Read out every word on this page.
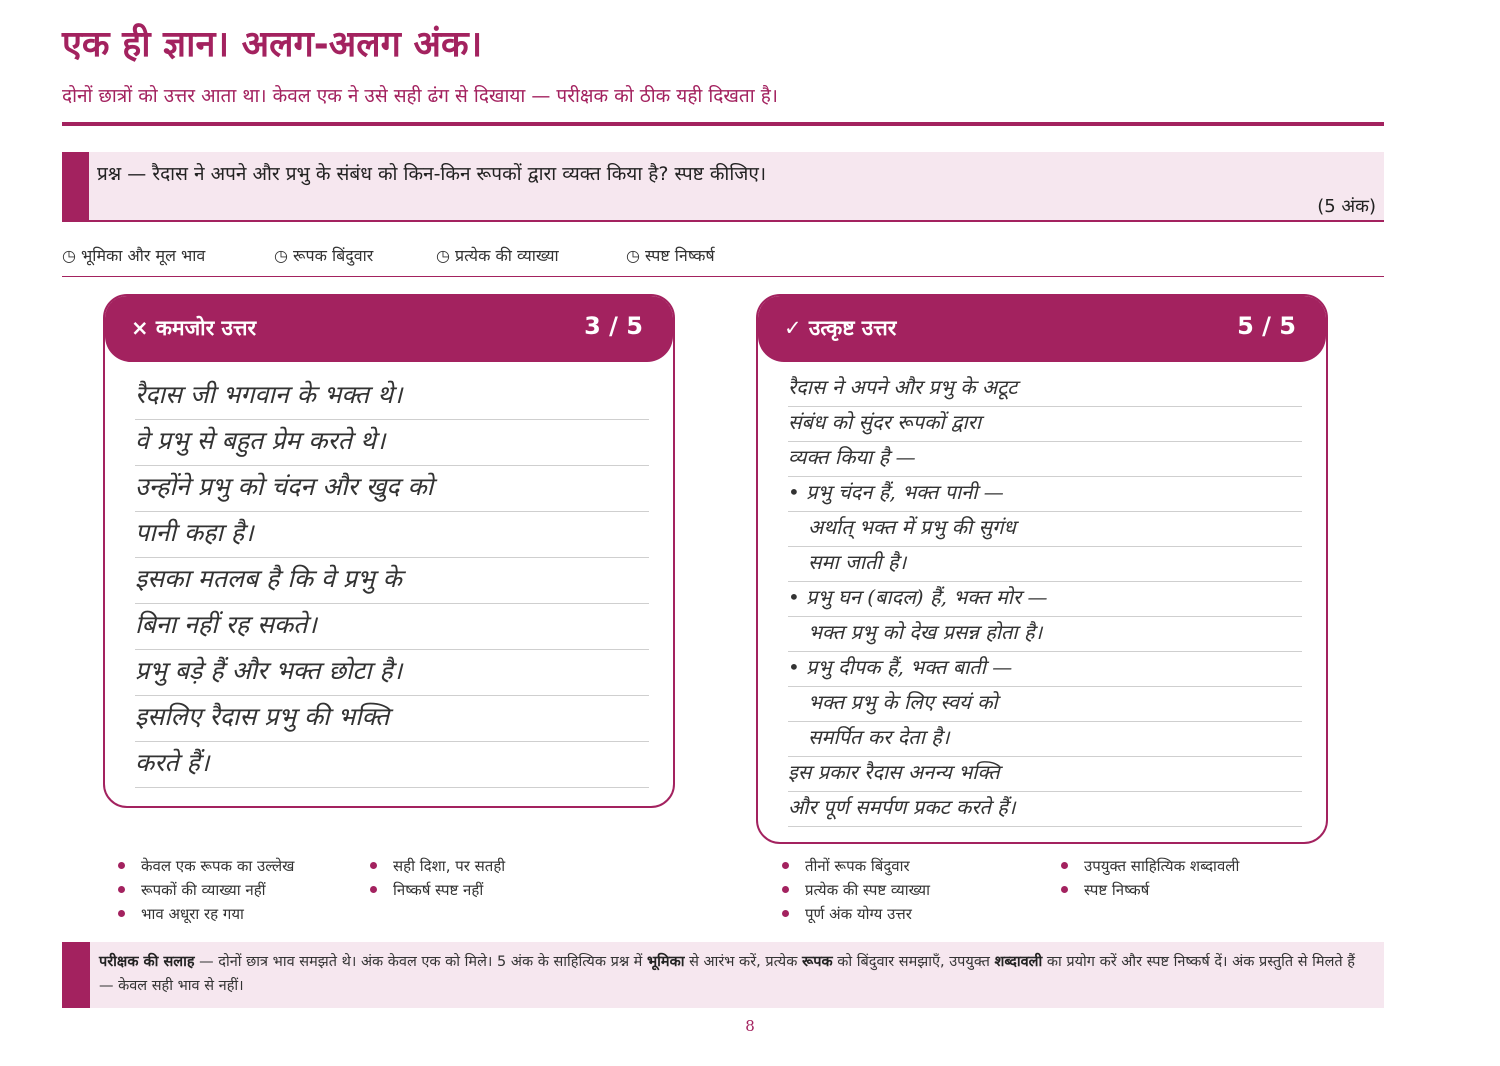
एक ही ज्ञान। अलग-अलग अंक।
दोनों छात्रों को उत्तर आता था। केवल एक ने उसे सही ढंग से दिखाया — परीक्षक को ठीक यही दिखता है।
प्रश्न — रैदास ने अपने और प्रभु के संबंध को किन-किन रूपकों द्वारा व्यक्त किया है? स्पष्ट कीजिए।
(5 अंक)
◷ भूमिका और मूल भाव	◷ रूपक बिंदुवार	◷ प्रत्येक की व्याख्या	◷ स्पष्ट निष्कर्ष
× कमजोर उत्तर	3 / 5
रैदास जी भगवान के भक्त थे।
वे प्रभु से बहुत प्रेम करते थे।
उन्होंने प्रभु को चंदन और खुद को
पानी कहा है।
इसका मतलब है कि वे प्रभु के
बिना नहीं रह सकते।
प्रभु बड़े हैं और भक्त छोटा है।
इसलिए रैदास प्रभु की भक्ति
करते हैं।
✓ उत्कृष्ट उत्तर	5 / 5
रैदास ने अपने और प्रभु के अटूट
संबंध को सुंदर रूपकों द्वारा
व्यक्त किया है —
• प्रभु चंदन हैं, भक्त पानी —
अर्थात् भक्त में प्रभु की सुगंध
समा जाती है।
• प्रभु घन (बादल) हैं, भक्त मोर —
भक्त प्रभु को देख प्रसन्न होता है।
• प्रभु दीपक हैं, भक्त बाती —
भक्त प्रभु के लिए स्वयं को
समर्पित कर देता है।
इस प्रकार रैदास अनन्य भक्ति
और पूर्ण समर्पण प्रकट करते हैं।
केवल एक रूपक का उल्लेख	सही दिशा, पर सतही
रूपकों की व्याख्या नहीं	निष्कर्ष स्पष्ट नहीं
भाव अधूरा रह गया
तीनों रूपक बिंदुवार	उपयुक्त साहित्यिक शब्दावली
प्रत्येक की स्पष्ट व्याख्या	स्पष्ट निष्कर्ष
पूर्ण अंक योग्य उत्तर
परीक्षक की सलाह — दोनों छात्र भाव समझते थे। अंक केवल एक को मिले। 5 अंक के साहित्यिक प्रश्न में भूमिका से आरंभ करें, प्रत्येक रूपक को बिंदुवार समझाएँ, उपयुक्त शब्दावली का प्रयोग करें और स्पष्ट निष्कर्ष दें। अंक प्रस्तुति से मिलते हैं — केवल सही भाव से नहीं।
8
